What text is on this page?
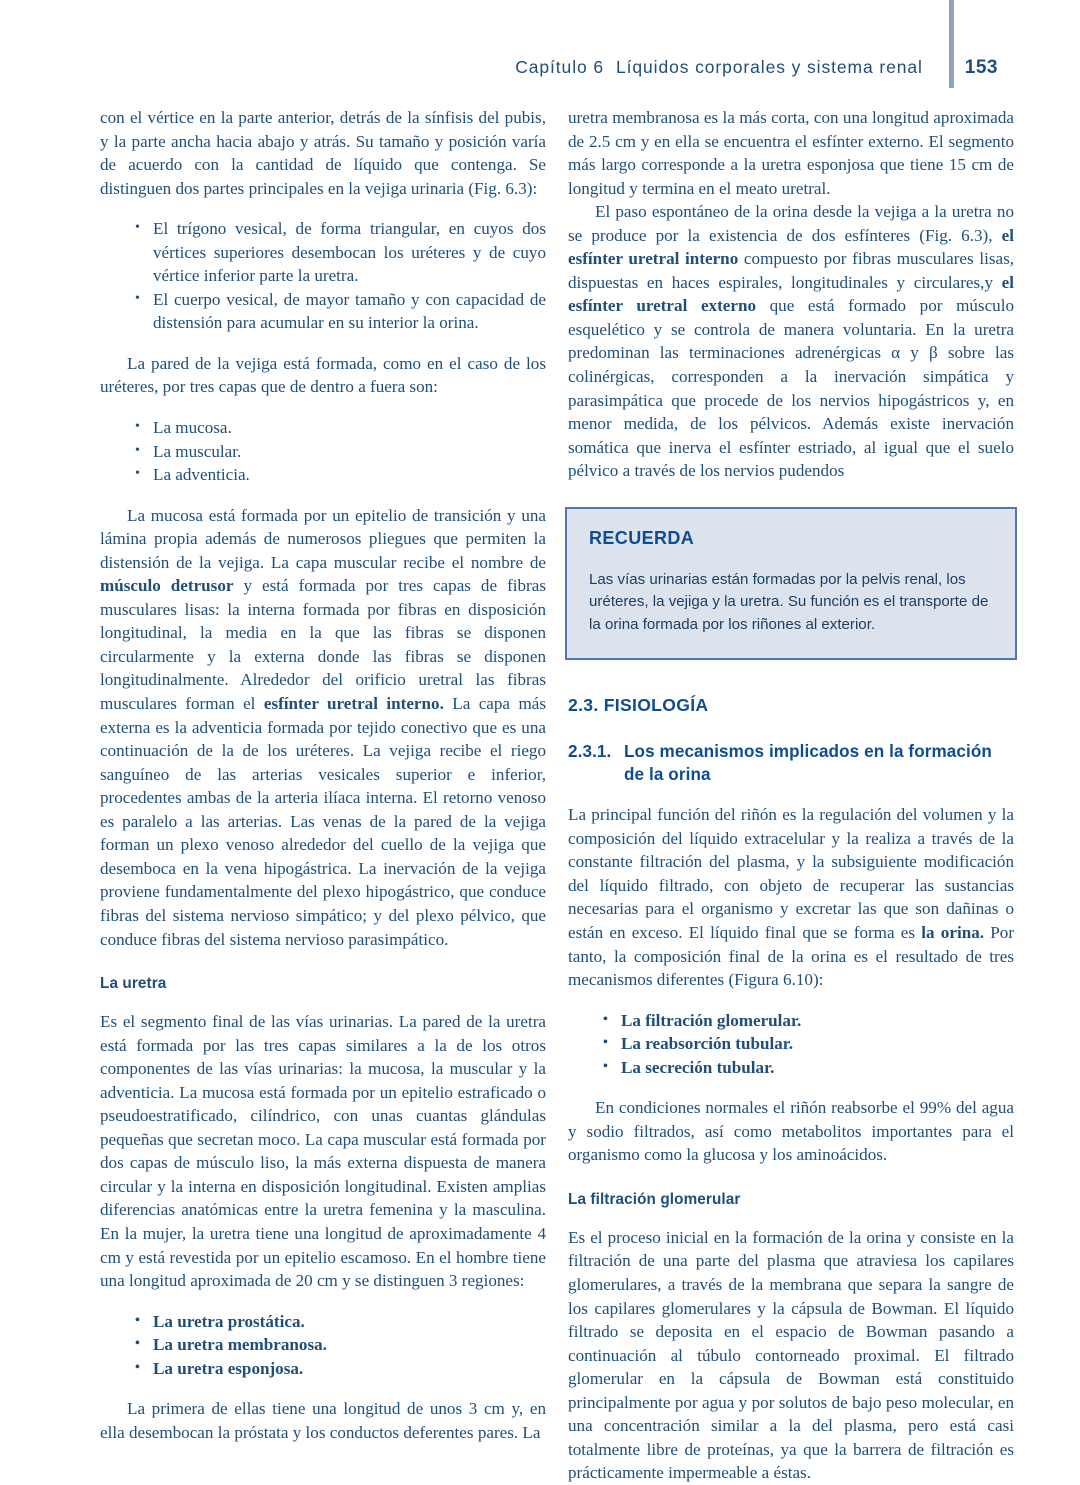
Capítulo 6 Líquidos corporales y sistema renal 153

con el vértice en la parte anterior, detrás de la sínfisis del pubis, y la parte ancha hacia abajo y atrás. Su tamaño y posición varía de acuerdo con la cantidad de líquido que contenga. Se distinguen dos partes principales en la vejiga urinaria (Fig. 6.3):

• El trígono vesical, de forma triangular, en cuyos dos vértices superiores desembocan los uréteres y de cuyo vértice inferior parte la uretra.
• El cuerpo vesical, de mayor tamaño y con capacidad de distensión para acumular en su interior la orina.

La pared de la vejiga está formada, como en el caso de los uréteres, por tres capas que de dentro a fuera son:

• La mucosa.
• La muscular.
• La adventicia.

La mucosa está formada por un epitelio de transición y una lámina propia además de numerosos pliegues que permiten la distensión de la vejiga. La capa muscular recibe el nombre de músculo detrusor y está formada por tres capas de fibras musculares lisas: la interna formada por fibras en disposición longitudinal, la media en la que las fibras se disponen circularmente y la externa donde las fibras se disponen longitudinalmente. Alrededor del orificio uretral las fibras musculares forman el esfínter uretral interno. La capa más externa es la adventicia formada por tejido conectivo que es una continuación de la de los uréteres. La vejiga recibe el riego sanguíneo de las arterias vesicales superior e inferior, procedentes ambas de la arteria ilíaca interna. El retorno venoso es paralelo a las arterias. Las venas de la pared de la vejiga forman un plexo venoso alrededor del cuello de la vejiga que desemboca en la vena hipogástrica. La inervación de la vejiga proviene fundamentalmente del plexo hipogástrico, que conduce fibras del sistema nervioso simpático; y del plexo pélvico, que conduce fibras del sistema nervioso parasimpático.

La uretra

Es el segmento final de las vías urinarias. La pared de la uretra está formada por las tres capas similares a la de los otros componentes de las vías urinarias: la mucosa, la muscular y la adventicia. La mucosa está formada por un epitelio estraficado o pseudoestratificado, cilíndrico, con unas cuantas glándulas pequeñas que secretan moco. La capa muscular está formada por dos capas de músculo liso, la más externa dispuesta de manera circular y la interna en disposición longitudinal. Existen amplias diferencias anatómicas entre la uretra femenina y la masculina. En la mujer, la uretra tiene una longitud de aproximadamente 4 cm y está revestida por un epitelio escamoso. En el hombre tiene una longitud aproximada de 20 cm y se distinguen 3 regiones:

• La uretra prostática.
• La uretra membranosa.
• La uretra esponjosa.

La primera de ellas tiene una longitud de unos 3 cm y, en ella desembocan la próstata y los conductos deferentes pares. La

uretra membranosa es la más corta, con una longitud aproximada de 2.5 cm y en ella se encuentra el esfínter externo. El segmento más largo corresponde a la uretra esponjosa que tiene 15 cm de longitud y termina en el meato uretral.

El paso espontáneo de la orina desde la vejiga a la uretra no se produce por la existencia de dos esfínteres (Fig. 6.3), el esfínter uretral interno compuesto por fibras musculares lisas, dispuestas en haces espirales, longitudinales y circulares,y el esfínter uretral externo que está formado por músculo esquelético y se controla de manera voluntaria. En la uretra predominan las terminaciones adrenérgicas α y β sobre las colinérgicas, corresponden a la inervación simpática y parasimpática que procede de los nervios hipogástricos y, en menor medida, de los pélvicos. Además existe inervación somática que inerva el esfínter estriado, al igual que el suelo pélvico a través de los nervios pudendos

RECUERDA
Las vías urinarias están formadas por la pelvis renal, los uréteres, la vejiga y la uretra. Su función es el transporte de la orina formada por los riñones al exterior.
2.3. FISIOLOGÍA
2.3.1. Los mecanismos implicados en la formación de la orina

La principal función del riñón es la regulación del volumen y la composición del líquido extracelular y la realiza a través de la constante filtración del plasma, y la subsiguiente modificación del líquido filtrado, con objeto de recuperar las sustancias necesarias para el organismo y excretar las que son dañinas o están en exceso. El líquido final que se forma es la orina. Por tanto, la composición final de la orina es el resultado de tres mecanismos diferentes (Figura 6.10):

• La filtración glomerular.
• La reabsorción tubular.
• La secreción tubular.

En condiciones normales el riñón reabsorbe el 99% del agua y sodio filtrados, así como metabolitos importantes para el organismo como la glucosa y los aminoácidos.

La filtración glomerular

Es el proceso inicial en la formación de la orina y consiste en la filtración de una parte del plasma que atraviesa los capilares glomerulares, a través de la membrana que separa la sangre de los capilares glomerulares y la cápsula de Bowman. El líquido filtrado se deposita en el espacio de Bowman pasando a continuación al túbulo contorneado proximal. El filtrado glomerular en la cápsula de Bowman está constituido principalmente por agua y por solutos de bajo peso molecular, en una concentración similar a la del plasma, pero está casi totalmente libre de proteínas, ya que la barrera de filtración es prácticamente impermeable a éstas.
